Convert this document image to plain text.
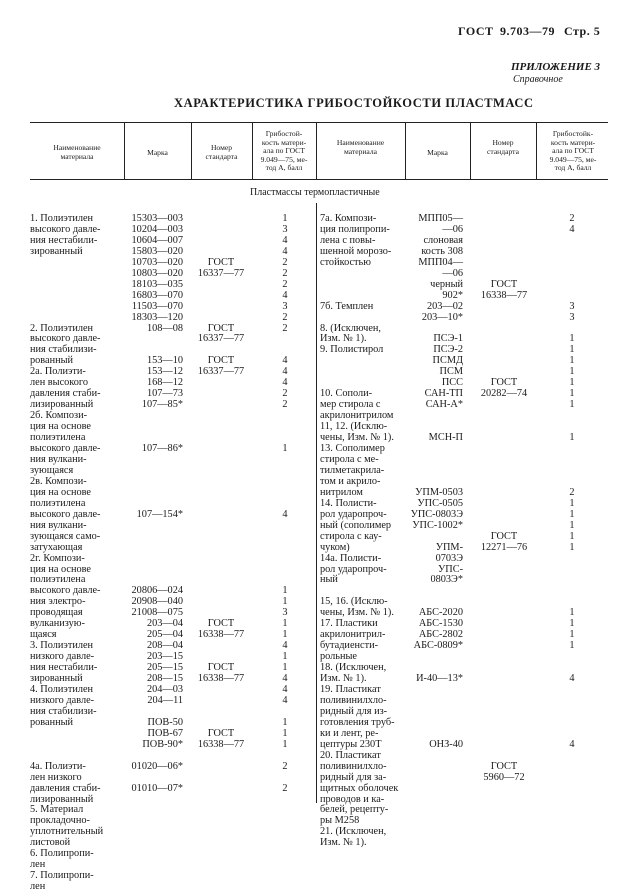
ГОСТ 9.703—79 Стр. 5
ПРИЛОЖЕНИЕ 3
Справочное
ХАРАКТЕРИСТИКА ГРИБОСТОЙКОСТИ ПЛАСТМАСС
Наименование
материала	Марка
Номер
стандарта
Грибостой-
кость матери-
ала по ГОСТ
9.049—75, ме-
тод А, балл
Наименование
материала	Марка
Номер
стандарта
Грибостойк-
кость матери-
ала по ГОСТ
9.049—75, ме-
тод А, балл
Пластмассы термопластичные
1. Полиэтилен
высокого давле-
ния нестабили-
зированный

2. Полиэтилен
высокого давле-
ния стабилизи-
рованный
2а. Полиэти-
лен высокого
давления стаби-
лизированный
2б. Компози-
ция на основе
полиэтилена
высокого давле-
ния вулкани-
зующаяся
2в. Компози-
ция на основе
полиэтилена
высокого давле-
ния вулкани-
зующаяся само-
затухающая
2г. Компози-
ция на основе
полиэтилена
высокого давле-
ния электро-
проводящая
вулканизую-
щаяся
3. Полиэтилен
низкого давле-
ния нестабили-
зированный
4. Полиэтилен
низкого давле-
ния стабилизи-
рованный

4а. Полиэти-
лен низкого
давления стаби-
лизированный
5. Материал
прокладочно-
уплотнительный
листовой
6. Полипропи-
лен
7. Полипропи-
лен
15303—003
10204—003
10604—007
15803—020
10703—020
10803—020
18103—035
16803—070
11503—070
18303—120
108—08

153—10
153—12
168—12
107—73
107—85*

107—86*

107—154*

20806—024
20908—040
21008—075
203—04
205—04
208—04
203—15
205—15
208—15
204—03
204—11

ПОВ-50
ПОВ-67
ПОВ-90*

01020—06*

01010—07*

ГОСТ
16337—77

ГОСТ
16337—77

ГОСТ
16337—77

ГОСТ
16338—77

ГОСТ
16338—77

ГОСТ
16338—77
1
3
4
4
2
2
2
4
3
2
2

4
4
4
2
2

1

4

1
1
3
1
1
4
1
1
4
4
4

1
1
1

2

2
7а. Компози-
ция полипропи-
лена с повы-
шенной морозо-
стойкостью

7б. Темплен

8. (Исключен,
Изм. № 1).
9. Полистирол

10. Сополи-
мер стирола с
акрилонитрилом
11, 12. (Исклю-
чены, Изм. № 1).
13. Сополимер
стирола с ме-
тилметакрила-
том и акрило-
нитрилом
14. Полисти-
рол ударопроч-
ный (сополимер
стирола с кау-
чуком)
14а. Полисти-
рол ударопроч-
ный

15, 16. (Исклю-
чены, Изм. № 1).
17. Пластики
акрилонитрил-
бутадиенсти-
рольные
18. (Исключен,
Изм. № 1).
19. Пластикат
поливинилхло-
ридный для из-
готовления труб-
ки и лент, ре-
цептуры 230Т
20. Пластикат
поливинилхло-
ридный для за-
щитных оболочек
проводов и ка-
белей, рецепту-
ры М258
21. (Исключен,
Изм. № 1).
МПП05—
—06
слоновая
кость 308
МПП04—
—06
черный
902*
203—02
203—10*

ПСЭ-1
ПСЭ-2
ПСМД
ПСМ
ПСС
САН-ТП
САН-А*

МСН-П

УПМ-0503
УПС-0505
УПС-0803Э
УПС-1002*

УПМ-
0703Э
УПС-
0803Э*

АБС-2020
АБС-1530
АБС-2802
АБС-0809*

И-40—13*

ОНЗ-40

ГОСТ
16338—77

ГОСТ
20282—74

ГОСТ
12271—76

ГОСТ
5960—72
2
4

3
3

1
1
1
1
1
1
1

1

2
1
1
1
1
1

1
1
1
1

4

4
